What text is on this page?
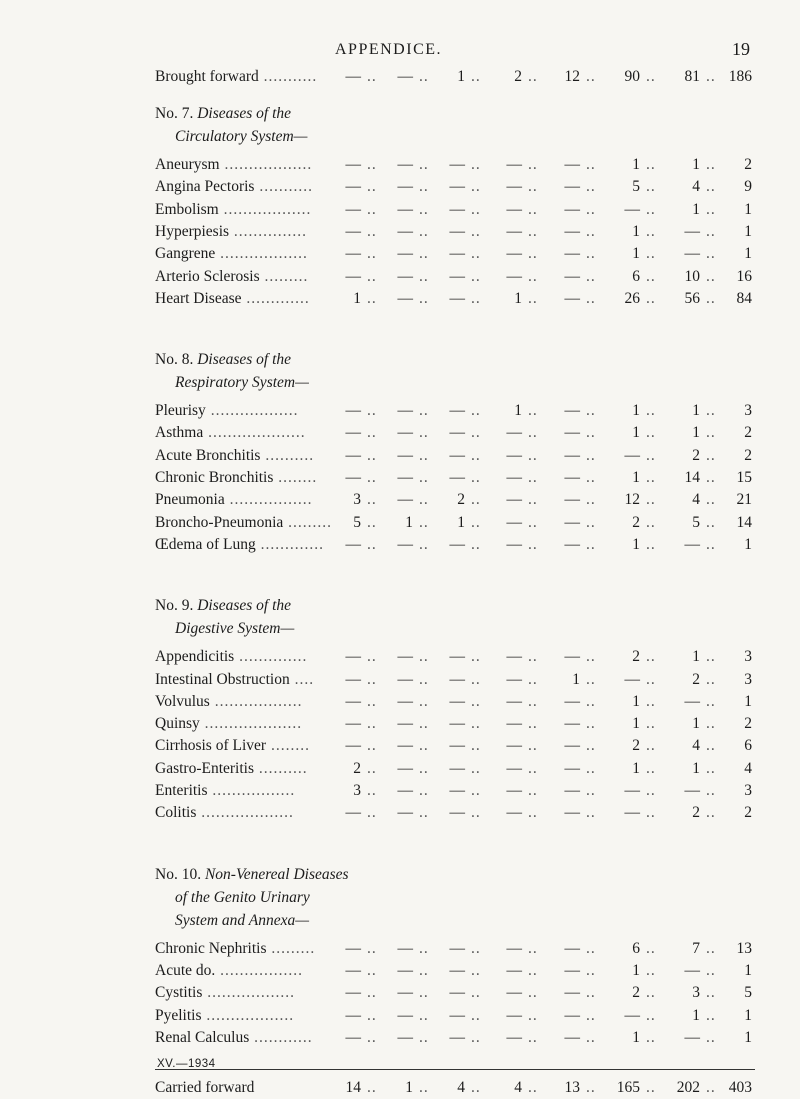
APPENDICE.	19
Brought forward ........... — .. — .. 1 .. 2 .. 12 .. 90 .. 81 .. 186
No. 7. Diseases of the
Circulatory System—
Aneurysm .................. — .. — .. — .. — .. — .. 1 .. 1 .. 2
Angina Pectoris ........... — .. — .. — .. — .. — .. 5 .. 4 .. 9
Embolism .................. — .. — .. — .. — .. — .. — .. 1 .. 1
Hyperpiesis ............... — .. — .. — .. — .. — .. 1 .. — .. 1
Gangrene .................. — .. — .. — .. — .. — .. 1 .. — .. 1
Arterio Sclerosis ......... — .. — .. — .. — .. — .. 6 .. 10 .. 16
Heart Disease .............	1 .. — .. — .. 1 .. — .. 26 .. 56 .. 84
No. 8. Diseases of the
Respiratory System—
Pleurisy ..................	— .. — .. — .. 1 .. — .. 1 .. 1 .. 3
Asthma ....................	— .. — .. — .. — .. — .. 1 .. 1 .. 2
Acute Bronchitis .......... — .. — .. — .. — .. — .. — .. 2 .. 2
Chronic Bronchitis ........ — .. — .. — .. — .. — .. 1 .. 14 .. 15
Pneumonia .................	3 .. — .. 2 .. — .. — .. 12 .. 4 .. 21
Broncho-Pneumonia ......... 5 .. 1 .. 1 .. — .. — .. 2 .. 5 .. 14
Œdema of Lung ............. — .. — .. — .. — .. — .. 1 .. — .. 1
No. 9. Diseases of the
Digestive System—
Appendicitis .............. — .. — .. — .. — .. — .. 2 .. 1 .. 3
Intestinal Obstruction .... — .. — .. — .. — .. 1 .. — .. 2 .. 3
Volvulus ..................	— .. — .. — .. — .. — .. 1 .. — .. 1
Quinsy ....................	— .. — .. — .. — .. — .. 1 .. 1 .. 2
Cirrhosis of Liver ........ — .. — .. — .. — .. — .. 2 .. 4 .. 6
Gastro-Enteritis ..........	2 .. — .. — .. — .. — .. 1 .. 1 .. 4
Enteritis .................	3 .. — .. — .. — .. — .. — .. — .. 3
Colitis ...................	— .. — .. — .. — .. — .. — .. 2 .. 2
No. 10. Non-Venereal Diseases
of the Genito Urinary
System and Annexa—
Chronic Nephritis ......... — .. — .. — .. — .. — .. 6 .. 7 .. 13
Acute do. .................	— .. — .. — .. — .. — .. 1 .. — .. 1
Cystitis ..................	— .. — .. — .. — .. — .. 2 .. 3 .. 5
Pyelitis ..................	— .. — .. — .. — .. — .. — .. 1 .. 1
Renal Calculus ............ — .. — .. — .. — .. — .. 1 .. — .. 1
Carried forward	14 .. 1 .. 4 .. 4 .. 13 .. 165 .. 202 .. 403
XV.—1934
